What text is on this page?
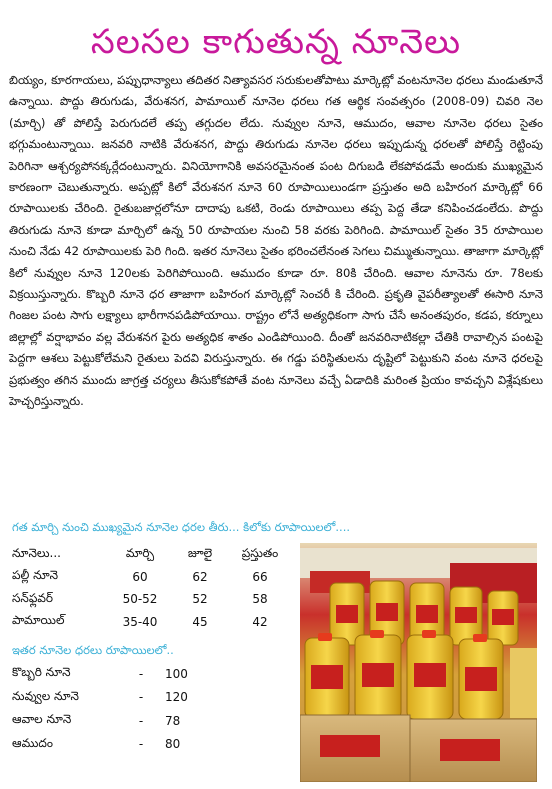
సలసల కాగుతున్న నూనెలు

బియ్యం, కూరగాయలు, పప్పుధాన్యాలు తదితర నిత్యావసర సరుకులతోపాటు మార్కెట్లో వంటనూనెల ధరలు మండుతూనే ఉన్నాయి. పొద్దు తిరుగుడు, వేరుశనగ, పామాయిల్ నూనెల ధరలు గత ఆర్థిక సంవత్సరం (2008-09) చివరి నెల (మార్చి) తో పోలిస్తే పెరుగుదలే తప్ప తగ్గుదల లేదు. నువ్వుల నూనె, ఆముదం, ఆవాల నూనెల ధరలు సైతం భగ్గుమంటున్నాయి. జనవరి నాటికి వేరుశనగ, పొద్దు తిరుగుడు నూనెల ధరలు ఇప్పుడున్న ధరలతో పోలిస్తే రెట్టింపు పెరిగినా ఆశ్చర్యపోనక్కర్లేదంటున్నారు. వినియోగానికి అవసరమైనంత పంట దిగుబడి లేకపోవడమే అందుకు ముఖ్యమైన కారణంగా చెబుతున్నారు. అప్పట్లో కిలో వేరుశనగ నూనె 60 రూపాయిలుండగా ప్రస్తుతం అది బహిరంగ మార్కెట్లో 66 రూపాయిలకు చేరింది. రైతుబజార్లలోనూ దాదాపు ఒకటి, రెండు రూపాయిలు తప్ప పెద్ద తేడా కనిపించడంలేదు. పొద్దు తిరుగుడు నూనె కూడా మార్చిలో ఉన్న 50 రూపాయల నుంచి 58 వరకు పెరిగింది. పామాయిల్ సైతం 35 రూపాయిల నుంచి నేడు 42 రూపాయిలకు పెరి గింది. ఇతర నూనెలు సైతం భరించలేనంత సెగలు చిమ్ముతున్నాయి. తాజాగా మార్కెట్లో కిలో నువ్వుల నూనె 120లకు పెరిగిపోయింది. ఆముదం కూడా రూ. 80కి చేరింది. ఆవాల నూనెను రూ. 78లకు విక్రయిస్తున్నారు. కొబ్బరి నూనె ధర తాజాగా బహిరంగ మార్కెట్లో సెంచరీ కి చేరింది. ప్రకృతి వైపరీత్యాలతో ఈసారి నూనె గింజల పంట సాగు లక్ష్యాలు భారీగానపడిపోయాయి. రాష్ట్రం లోనే అత్యధికంగా సాగు చేసే అనంతపురం, కడప, కర్నూలు జిల్లాల్లో వర్షాభావం వల్ల వేరుశనగ పైరు అత్యధిక శాతం ఎండిపోయింది. దీంతో జనవరినాటికల్లా చేతికి రావాల్సిన పంటపై పెద్దగా ఆశలు పెట్టుకోలేమని రైతులు పెదవి విరుస్తున్నారు. ఈ గడ్డు పరిస్థితులను దృష్టిలో పెట్టుకుని వంట నూనె ధరలపై ప్రభుత్వం తగిన ముందు జాగ్రత్త చర్యలు తీసుకోకపోతే వంట నూనెలు వచ్చే ఏడాదికి మరింత ప్రియం కావచ్చని విశ్లేషకులు హెచ్చరిస్తున్నారు.

గత మార్చి నుంచి ముఖ్యమైన నూనెల ధరల తీరు... కిలోకు రూపాయిలలో....

నూనెలు...	మార్చి	జూలై	ప్రస్తుతం
పల్లీ నూనె	60	62	66
సన్‌ఫ్లవర్	50-52	52	58
పామాయిల్	35-40	45	42

ఇతర నూనెల ధరలు రూపాయిలలో..

కొబ్బరి నూనె	-	100
నువ్వుల నూనె	-	120
ఆవాల నూనె	-	78
ఆముదం	-	80
